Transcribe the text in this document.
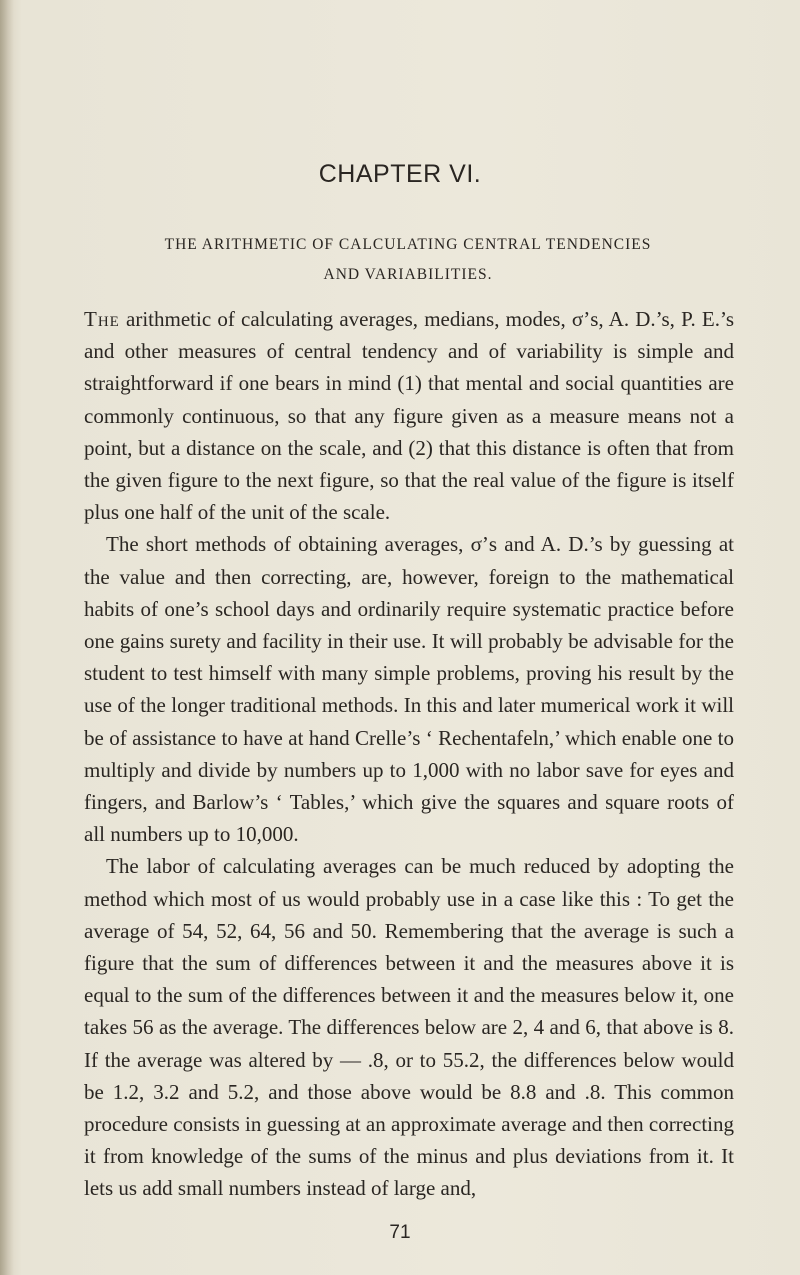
CHAPTER VI.
THE ARITHMETIC OF CALCULATING CENTRAL TENDENCIES
AND VARIABILITIES.

The arithmetic of calculating averages, medians, modes, σ’s, A. D.’s, P. E.’s and other measures of central tendency and of variability is simple and straightforward if one bears in mind (1) that mental and social quantities are commonly continuous, so that any figure given as a measure means not a point, but a distance on the scale, and (2) that this distance is often that from the given figure to the next figure, so that the real value of the figure is itself plus one half of the unit of the scale.

The short methods of obtaining averages, σ’s and A. D.’s by guessing at the value and then correcting, are, however, foreign to the mathematical habits of one’s school days and ordinarily require systematic practice before one gains surety and facility in their use. It will probably be advisable for the student to test himself with many simple problems, proving his result by the use of the longer traditional methods. In this and later mumerical work it will be of assistance to have at hand Crelle’s ‘ Rechentafeln,’ which enable one to multiply and divide by numbers up to 1,000 with no labor save for eyes and fingers, and Barlow’s ‘ Tables,’ which give the squares and square roots of all numbers up to 10,000.

The labor of calculating averages can be much reduced by adopting the method which most of us would probably use in a case like this : To get the average of 54, 52, 64, 56 and 50. Remembering that the average is such a figure that the sum of differences between it and the measures above it is equal to the sum of the differences between it and the measures below it, one takes 56 as the average. The differences below are 2, 4 and 6, that above is 8. If the average was altered by — .8, or to 55.2, the differences below would be 1.2, 3.2 and 5.2, and those above would be 8.8 and .8. This common procedure consists in guessing at an approximate average and then correcting it from knowledge of the sums of the minus and plus deviations from it. It lets us add small numbers instead of large and,

71
